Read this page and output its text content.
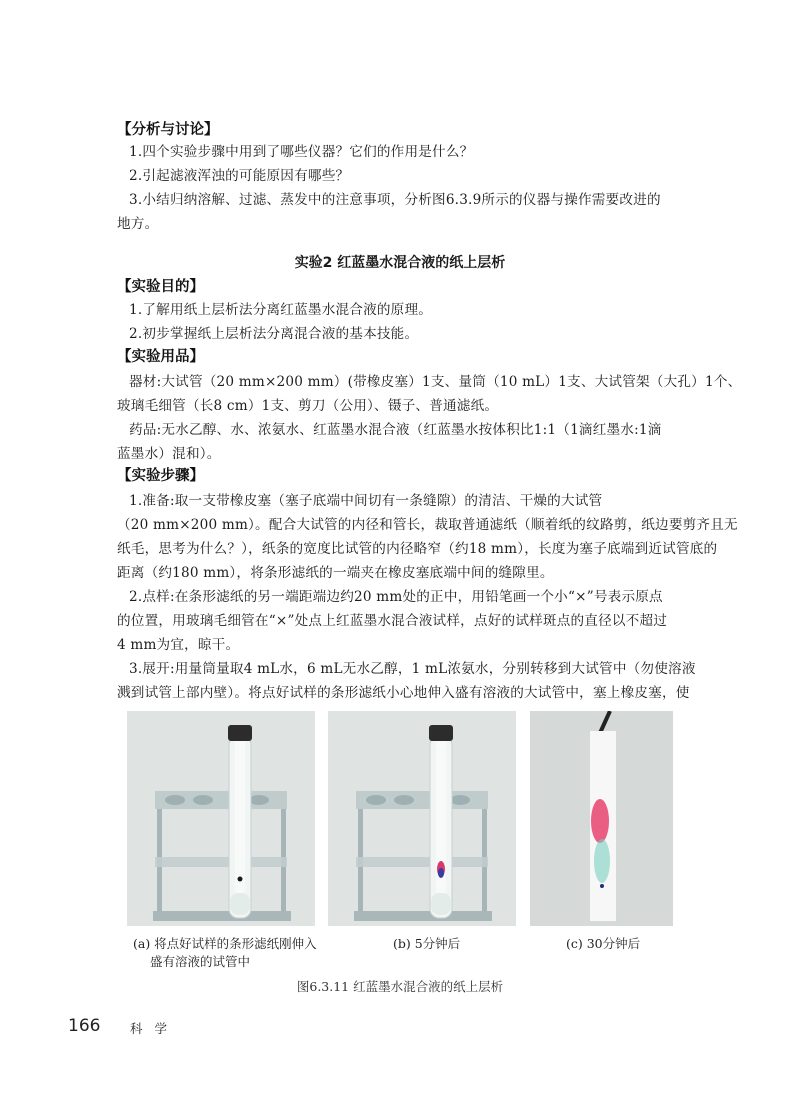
【分析与讨论】
1.四个实验步骤中用到了哪些仪器？它们的作用是什么？
2.引起滤液浑浊的可能原因有哪些？
3.小结归纳溶解、过滤、蒸发中的注意事项，分析图6.3.9所示的仪器与操作需要改进的
地方。
实验2 红蓝墨水混合液的纸上层析
【实验目的】
1.了解用纸上层析法分离红蓝墨水混合液的原理。
2.初步掌握纸上层析法分离混合液的基本技能。
【实验用品】
器材:大试管（20 mm×200 mm）(带橡皮塞）1支、量筒（10 mL）1支、大试管架（大孔）1个、
玻璃毛细管（长8 cm）1支、剪刀（公用）、镊子、普通滤纸。
药品:无水乙醇、水、浓氨水、红蓝墨水混合液（红蓝墨水按体积比1:1（1滴红墨水:1滴
蓝墨水）混和）。
【实验步骤】
1.准备:取一支带橡皮塞（塞子底端中间切有一条缝隙）的清洁、干燥的大试管
（20 mm×200 mm）。配合大试管的内径和管长，裁取普通滤纸（顺着纸的纹路剪，纸边要剪齐且无
纸毛，思考为什么？），纸条的宽度比试管的内径略窄（约18 mm），长度为塞子底端到近试管底的
距离（约180 mm），将条形滤纸的一端夹在橡皮塞底端中间的缝隙里。
2.点样:在条形滤纸的另一端距端边约20 mm处的正中，用铅笔画一个小“×”号表示原点
的位置，用玻璃毛细管在“×”处点上红蓝墨水混合液试样，点好的试样斑点的直径以不超过
4 mm为宜，晾干。
3.展开:用量筒量取4 mL水，6 mL无水乙醇，1 mL浓氨水，分别转移到大试管中（勿使溶液
溅到试管上部内壁）。将点好试样的条形滤纸小心地伸入盛有溶液的大试管中，塞上橡皮塞，使
(a) 将点好试样的条形滤纸刚伸入
盛有溶液的试管中
(b) 5分钟后	(c) 30分钟后
图6.3.11 红蓝墨水混合液的纸上层析
166 科 学
